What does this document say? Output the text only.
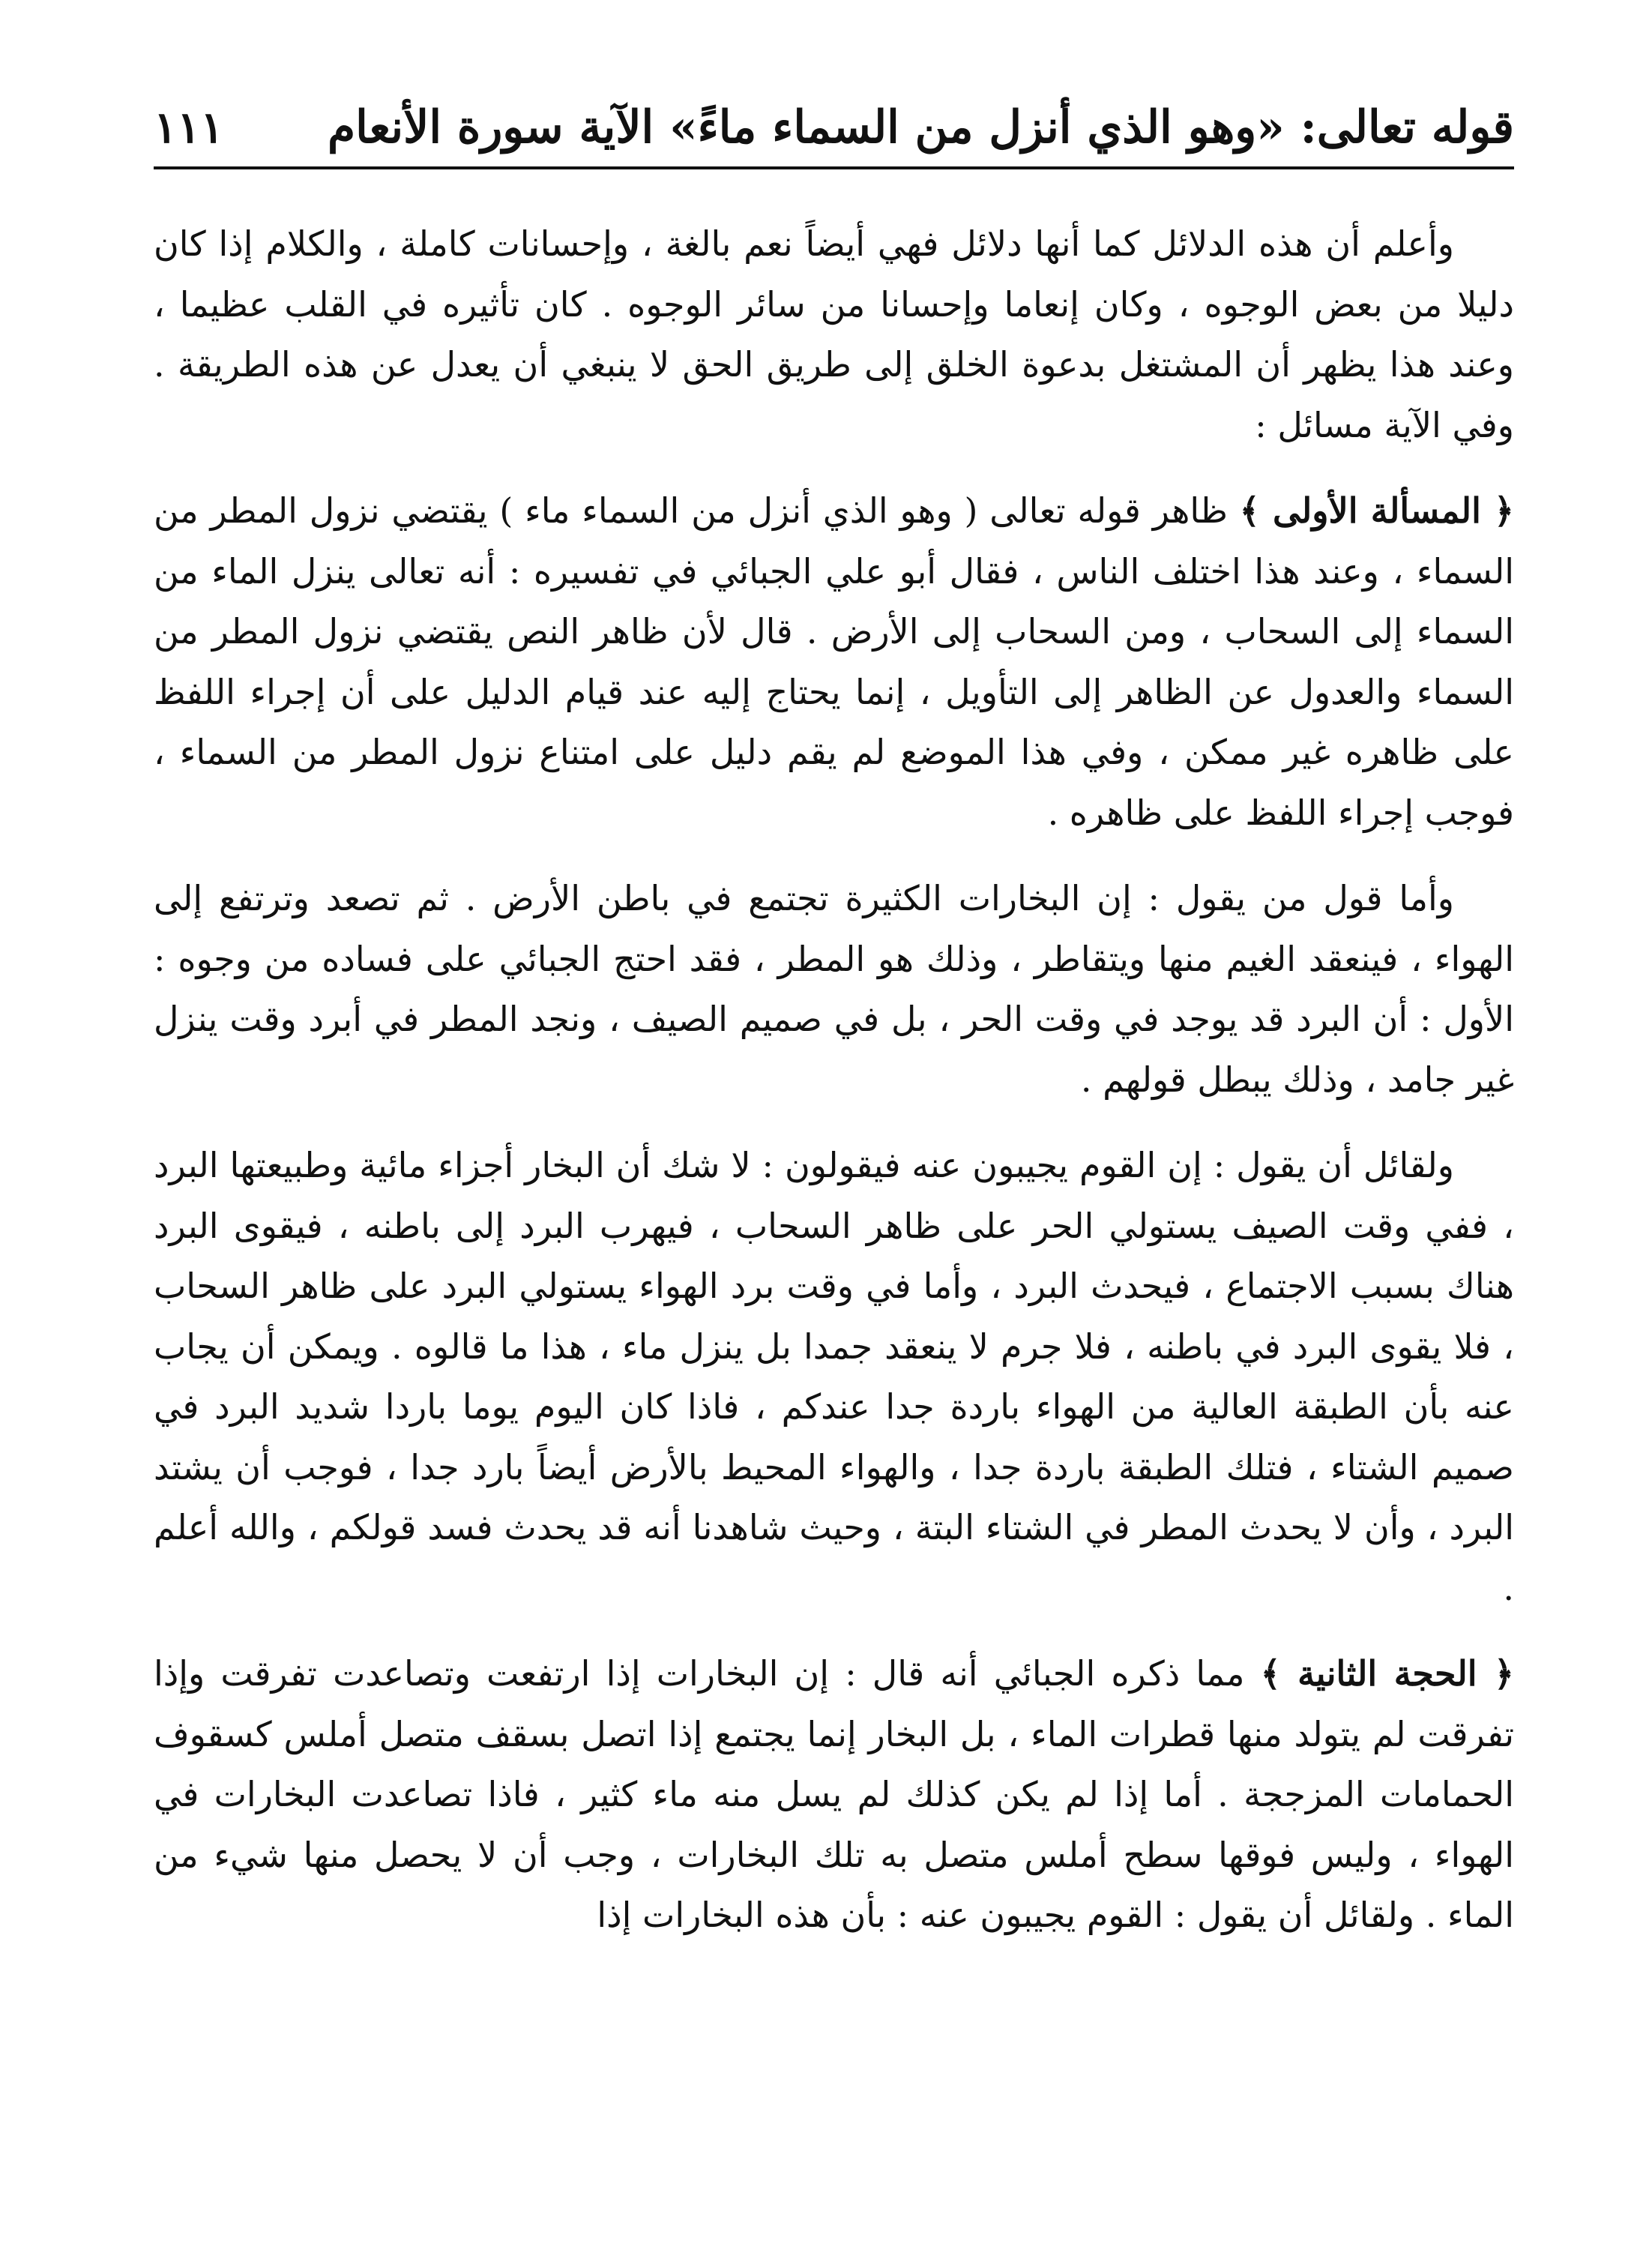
قوله تعالى: «وهو الذي أنزل من السماء ماءً» الآية سورة الأنعام
١١١

وأعلم أن هذه الدلائل كما أنها دلائل فهي أيضاً نعم بالغة ، وإحسانات كاملة ، والكلام إذا كان دليلا من بعض الوجوه ، وكان إنعاما وإحسانا من سائر الوجوه . كان تأثيره في القلب عظيما ، وعند هذا يظهر أن المشتغل بدعوة الخلق إلى طريق الحق لا ينبغي أن يعدل عن هذه الطريقة . وفي الآية مسائل :

﴿ المسألة الأولى ﴾ ظاهر قوله تعالى ( وهو الذي أنزل من السماء ماء ) يقتضي نزول المطر من السماء ، وعند هذا اختلف الناس ، فقال أبو علي الجبائي في تفسيره : أنه تعالى ينزل الماء من السماء إلى السحاب ، ومن السحاب إلى الأرض . قال لأن ظاهر النص يقتضي نزول المطر من السماء والعدول عن الظاهر إلى التأويل ، إنما يحتاج إليه عند قيام الدليل على أن إجراء اللفظ على ظاهره غير ممكن ، وفي هذا الموضع لم يقم دليل على امتناع نزول المطر من السماء ، فوجب إجراء اللفظ على ظاهره .

وأما قول من يقول : إن البخارات الكثيرة تجتمع في باطن الأرض . ثم تصعد وترتفع إلى الهواء ، فينعقد الغيم منها ويتقاطر ، وذلك هو المطر ، فقد احتج الجبائي على فساده من وجوه : الأول : أن البرد قد يوجد في وقت الحر ، بل في صميم الصيف ، ونجد المطر في أبرد وقت ينزل غير جامد ، وذلك يبطل قولهم .

ولقائل أن يقول : إن القوم يجيبون عنه فيقولون : لا شك أن البخار أجزاء مائية وطبيعتها البرد ، ففي وقت الصيف يستولي الحر على ظاهر السحاب ، فيهرب البرد إلى باطنه ، فيقوى البرد هناك بسبب الاجتماع ، فيحدث البرد ، وأما في وقت برد الهواء يستولي البرد على ظاهر السحاب ، فلا يقوى البرد في باطنه ، فلا جرم لا ينعقد جمدا بل ينزل ماء ، هذا ما قالوه . ويمكن أن يجاب عنه بأن الطبقة العالية من الهواء باردة جدا عندكم ، فاذا كان اليوم يوما باردا شديد البرد في صميم الشتاء ، فتلك الطبقة باردة جدا ، والهواء المحيط بالأرض أيضاً بارد جدا ، فوجب أن يشتد البرد ، وأن لا يحدث المطر في الشتاء البتة ، وحيث شاهدنا أنه قد يحدث فسد قولكم ، والله أعلم .

﴿ الحجة الثانية ﴾ مما ذكره الجبائي أنه قال : إن البخارات إذا ارتفعت وتصاعدت تفرقت وإذا تفرقت لم يتولد منها قطرات الماء ، بل البخار إنما يجتمع إذا اتصل بسقف متصل أملس كسقوف الحمامات المزججة . أما إذا لم يكن كذلك لم يسل منه ماء كثير ، فاذا تصاعدت البخارات في الهواء ، وليس فوقها سطح أملس متصل به تلك البخارات ، وجب أن لا يحصل منها شيء من الماء . ولقائل أن يقول : القوم يجيبون عنه : بأن هذه البخارات إذا
